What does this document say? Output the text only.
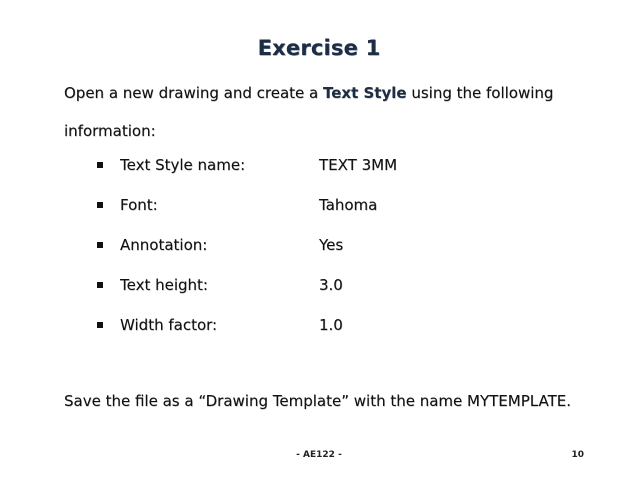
Exercise 1
Open a new drawing and create a Text Style using the following
information:
Text Style name:	TEXT 3MM
Font:	Tahoma
Annotation:	Yes
Text height:	3.0
Width factor:	1.0
Save the file as a “Drawing Template” with the name MYTEMPLATE.
- AE122 -	10
